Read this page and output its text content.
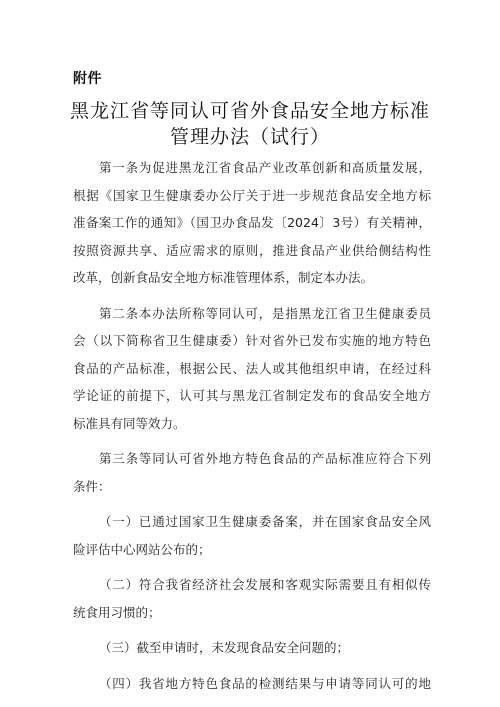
附件
黑龙江省等同认可省外食品安全地方标准
管理办法（试行）
第一条为促进黑龙江省食品产业改革创新和高质量发展，
根据《国家卫生健康委办公厅关于进一步规范食品安全地方标
准备案工作的通知》（国卫办食品发〔2024〕3号）有关精神，
按照资源共享、适应需求的原则，推进食品产业供给侧结构性
改革，创新食品安全地方标准管理体系，制定本办法。
第二条本办法所称等同认可，是指黑龙江省卫生健康委员
会（以下简称省卫生健康委）针对省外已发布实施的地方特色
食品的产品标准，根据公民、法人或其他组织申请，在经过科
学论证的前提下，认可其与黑龙江省制定发布的食品安全地方
标准具有同等效力。
第三条等同认可省外地方特色食品的产品标准应符合下列
条件：
（一）已通过国家卫生健康委备案，并在国家食品安全风
险评估中心网站公布的；
（二）符合我省经济社会发展和客观实际需要且有相似传
统食用习惯的；
（三）截至申请时，未发现食品安全问题的；
（四）我省地方特色食品的检测结果与申请等同认可的地
